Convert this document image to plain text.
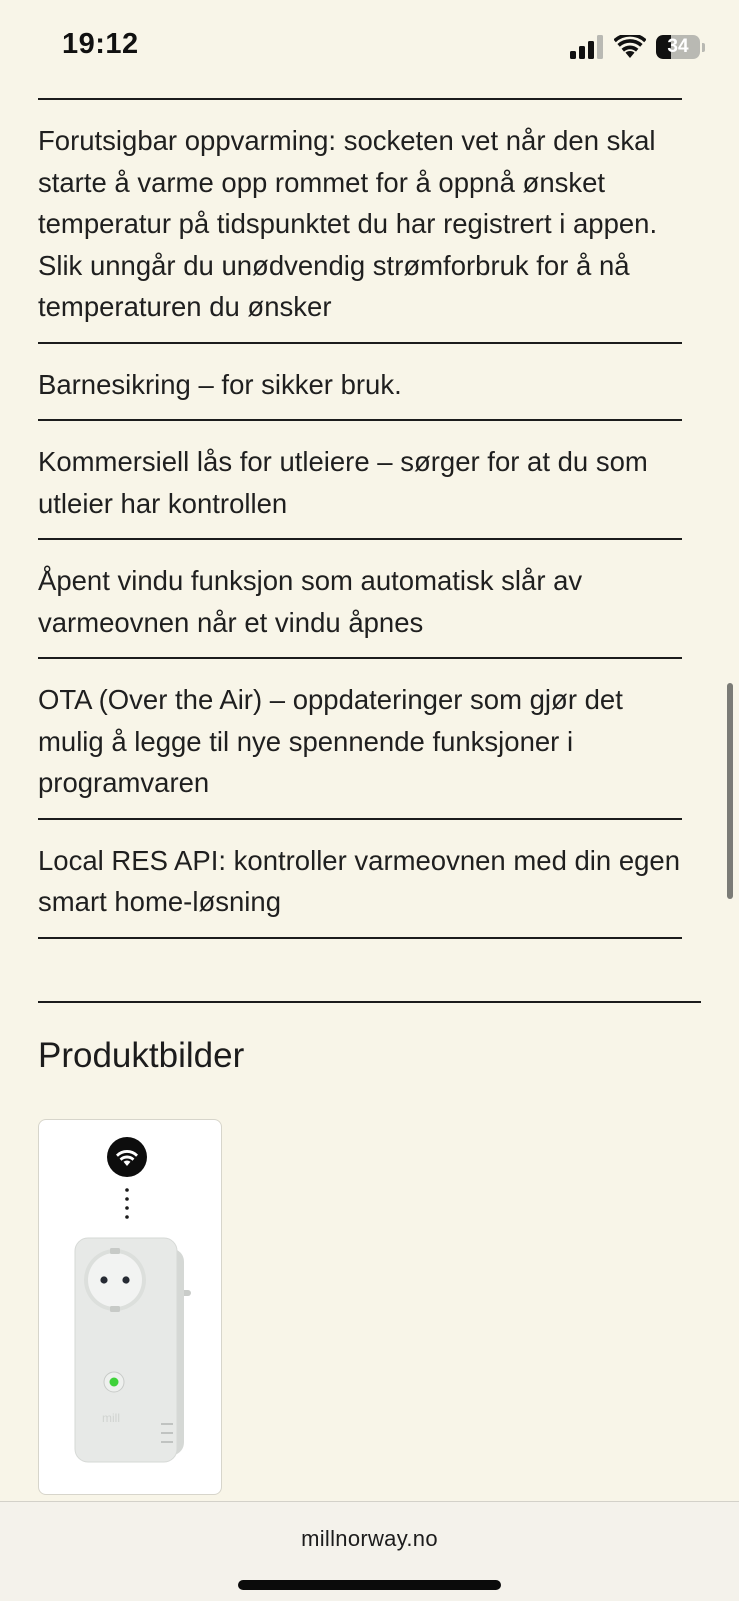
19:12	34
Forutsigbar oppvarming: socketen vet når den skal starte å varme opp rommet for å oppnå ønsket temperatur på tidspunktet du har registrert i appen. Slik unngår du unødvendig strømforbruk for å nå temperaturen du ønsker
Barnesikring – for sikker bruk.
Kommersiell lås for utleiere – sørger for at du som utleier har kontrollen
Åpent vindu funksjon som automatisk slår av varmeovnen når et vindu åpnes
OTA (Over the Air) – oppdateringer som gjør det mulig å legge til nye spennende funksjoner i programvaren
Local RES API: kontroller varmeovnen med din egen smart home-løsning
Produktbilder
mill
millnorway.no
